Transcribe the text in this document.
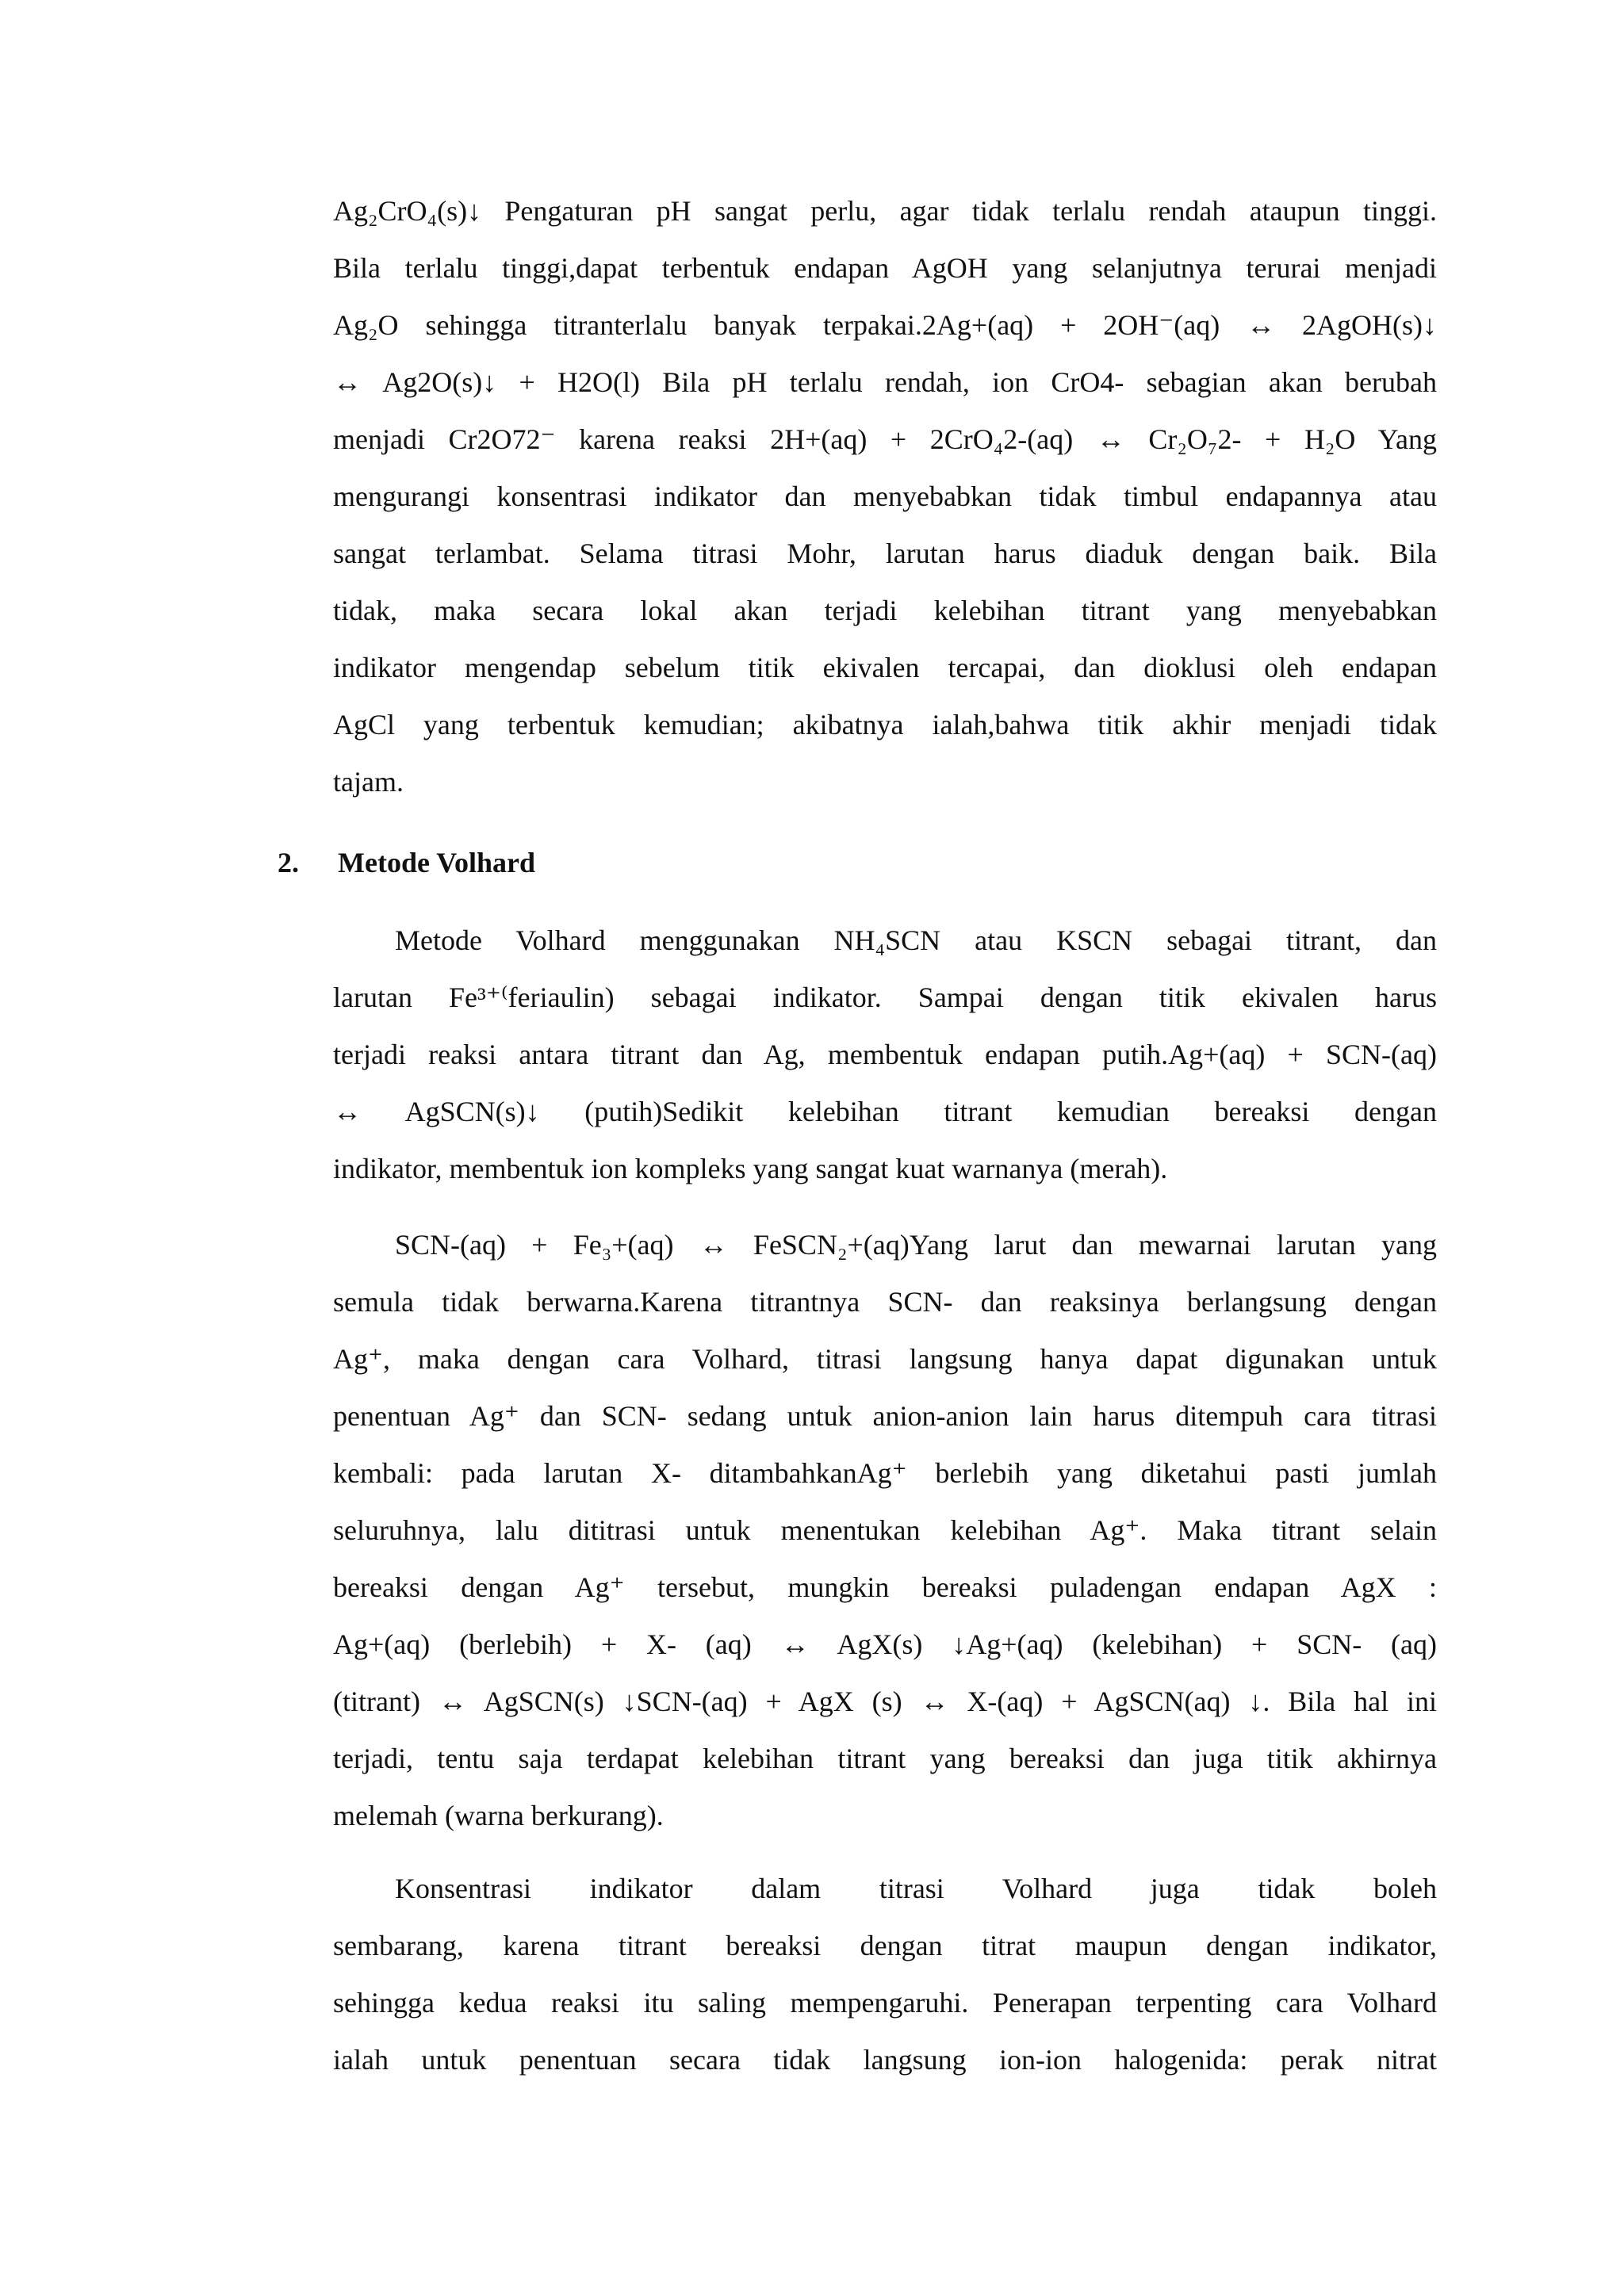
Ag₂CrO₄(s)↓ Pengaturan pH sangat perlu, agar tidak terlalu rendah ataupun tinggi.
Bila terlalu tinggi,dapat terbentuk endapan AgOH yang selanjutnya terurai menjadi
Ag₂O sehingga titranterlalu banyak terpakai.2Ag+(aq) + 2OH⁻(aq) ↔ 2AgOH(s)↓
↔ Ag2O(s)↓ + H2O(l) Bila pH terlalu rendah, ion CrO4- sebagian akan berubah
menjadi Cr2O72⁻ karena reaksi 2H+(aq) + 2CrO₄2-(aq) ↔ Cr₂O₇2- + H₂O Yang
mengurangi konsentrasi indikator dan menyebabkan tidak timbul endapannya atau
sangat terlambat. Selama titrasi Mohr, larutan harus diaduk dengan baik. Bila
tidak, maka secara lokal akan terjadi kelebihan titrant yang menyebabkan
indikator mengendap sebelum titik ekivalen tercapai, dan dioklusi oleh endapan
AgCl yang terbentuk kemudian; akibatnya ialah,bahwa titik akhir menjadi tidak
tajam.
2. Metode Volhard
Metode Volhard menggunakan NH₄SCN atau KSCN sebagai titrant, dan
larutan Fe³⁺⁽feriaulin) sebagai indikator. Sampai dengan titik ekivalen harus
terjadi reaksi antara titrant dan Ag, membentuk endapan putih.Ag+(aq) + SCN-(aq)
↔ AgSCN(s)↓ (putih)Sedikit kelebihan titrant kemudian bereaksi dengan
indikator, membentuk ion kompleks yang sangat kuat warnanya (merah).
SCN-(aq) + Fe₃+(aq) ↔ FeSCN₂+(aq)Yang larut dan mewarnai larutan yang
semula tidak berwarna.Karena titrantnya SCN- dan reaksinya berlangsung dengan
Ag⁺, maka dengan cara Volhard, titrasi langsung hanya dapat digunakan untuk
penentuan Ag⁺ dan SCN- sedang untuk anion-anion lain harus ditempuh cara titrasi
kembali: pada larutan X- ditambahkanAg⁺ berlebih yang diketahui pasti jumlah
seluruhnya, lalu dititrasi untuk menentukan kelebihan Ag⁺. Maka titrant selain
bereaksi dengan Ag⁺ tersebut, mungkin bereaksi puladengan endapan AgX :
Ag+(aq) (berlebih) + X- (aq) ↔ AgX(s) ↓Ag+(aq) (kelebihan) + SCN- (aq)
(titrant) ↔ AgSCN(s) ↓SCN-(aq) + AgX (s) ↔ X-(aq) + AgSCN(aq) ↓. Bila hal ini
terjadi, tentu saja terdapat kelebihan titrant yang bereaksi dan juga titik akhirnya
melemah (warna berkurang).
Konsentrasi indikator dalam titrasi Volhard juga tidak boleh
sembarang, karena titrant bereaksi dengan titrat maupun dengan indikator,
sehingga kedua reaksi itu saling mempengaruhi. Penerapan terpenting cara Volhard
ialah untuk penentuan secara tidak langsung ion-ion halogenida: perak nitrat
